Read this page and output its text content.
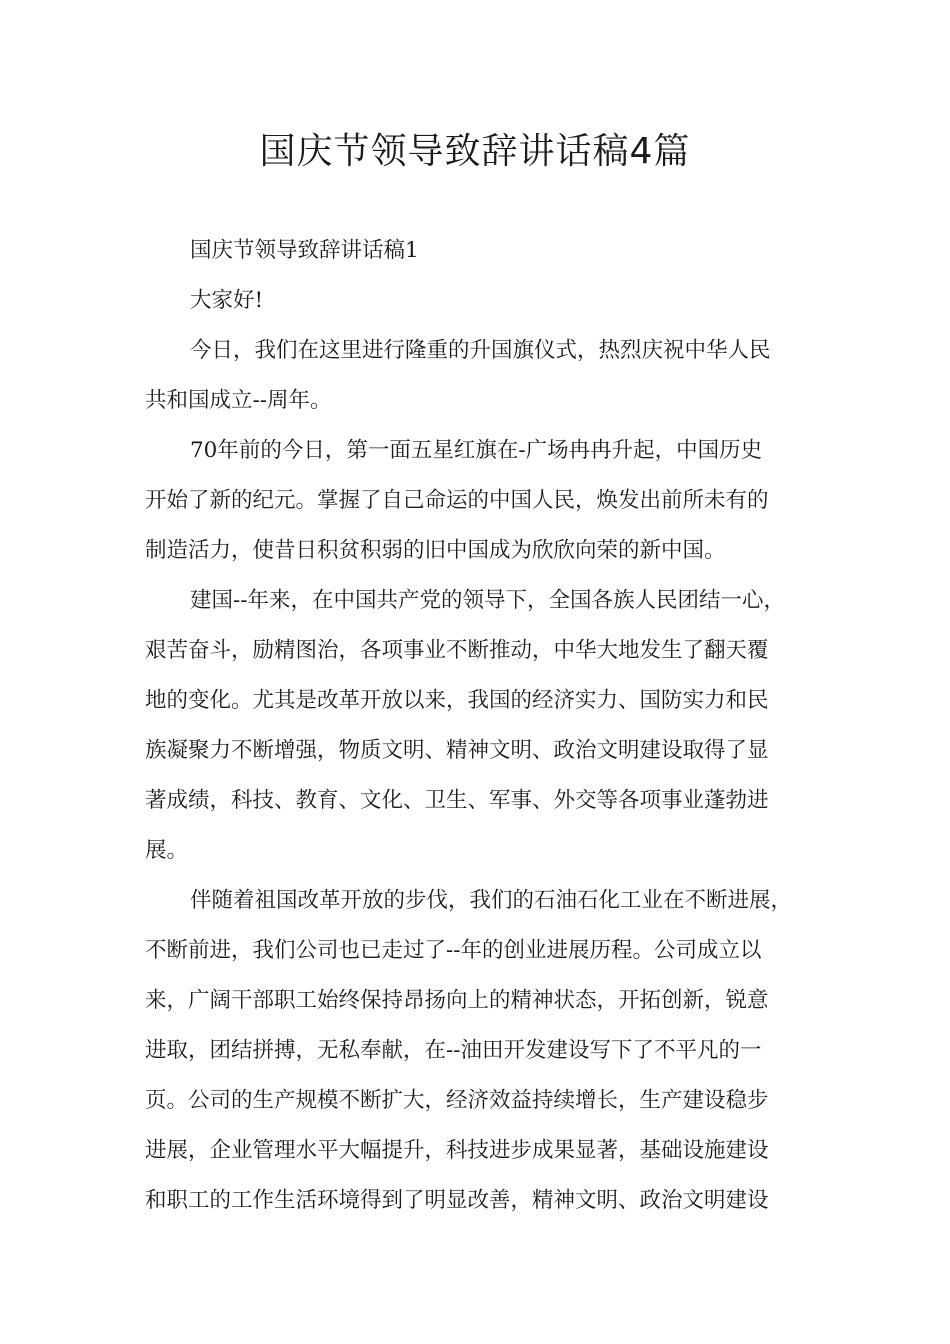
国庆节领导致辞讲话稿4篇

国庆节领导致辞讲话稿1

大家好!

今日，我们在这里进行隆重的升国旗仪式，热烈庆祝中华人民
共和国成立--周年。

70年前的今日，第一面五星红旗在-广场冉冉升起，中国历史
开始了新的纪元。掌握了自己命运的中国人民，焕发出前所未有的
制造活力，使昔日积贫积弱的旧中国成为欣欣向荣的新中国。

建国--年来，在中国共产党的领导下，全国各族人民团结一心，
艰苦奋斗，励精图治，各项事业不断推动，中华大地发生了翻天覆
地的变化。尤其是改革开放以来，我国的经济实力、国防实力和民
族凝聚力不断增强，物质文明、精神文明、政治文明建设取得了显
著成绩，科技、教育、文化、卫生、军事、外交等各项事业蓬勃进
展。

伴随着祖国改革开放的步伐，我们的石油石化工业在不断进展，
不断前进，我们公司也已走过了--年的创业进展历程。公司成立以
来，广阔干部职工始终保持昂扬向上的精神状态，开拓创新，锐意
进取，团结拼搏，无私奉献，在--油田开发建设写下了不平凡的一
页。公司的生产规模不断扩大，经济效益持续增长，生产建设稳步
进展，企业管理水平大幅提升，科技进步成果显著，基础设施建设
和职工的工作生活环境得到了明显改善，精神文明、政治文明建设
